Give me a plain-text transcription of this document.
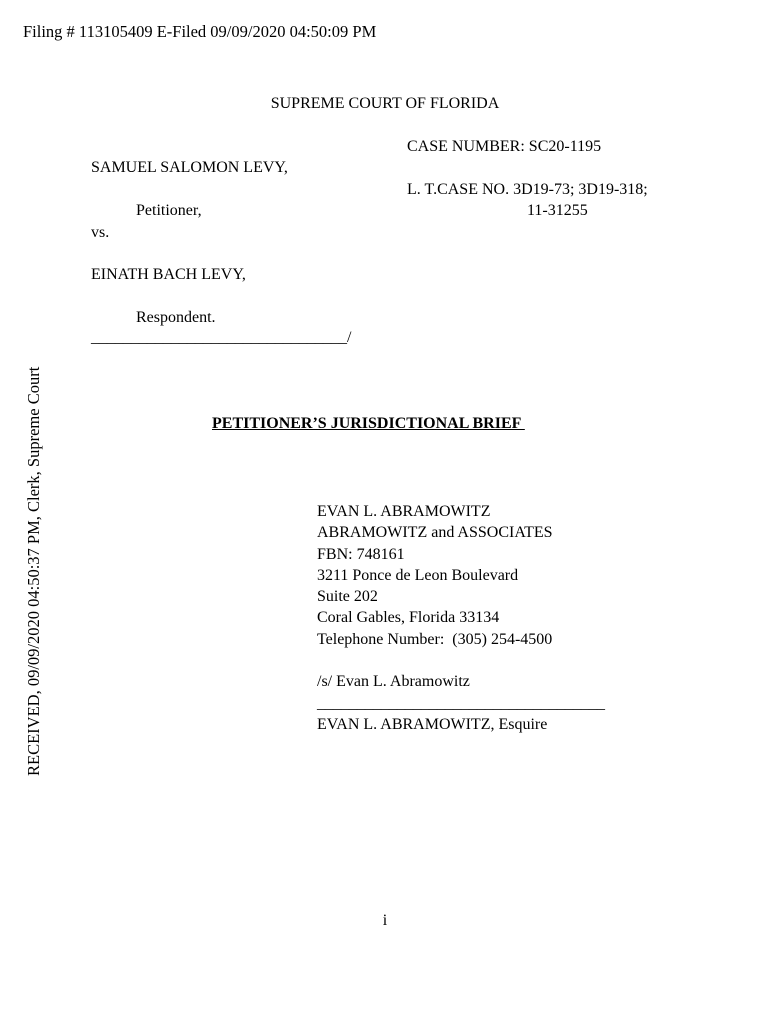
Filing # 113105409 E-Filed 09/09/2020 04:50:09 PM
RECEIVED, 09/09/2020 04:50:37 PM, Clerk, Supreme Court
SUPREME COURT OF FLORIDA
CASE NUMBER: SC20-1195
SAMUEL SALOMON LEVY,
L. T.CASE NO. 3D19-73; 3D19-318;
11-31255
Petitioner,
vs.
EINATH BACH LEVY,
Respondent.
________________________________/
PETITIONER’S JURISDICTIONAL BRIEF
EVAN L. ABRAMOWITZ
ABRAMOWITZ and ASSOCIATES
FBN: 748161
3211 Ponce de Leon Boulevard
Suite 202
Coral Gables, Florida 33134
Telephone Number:  (305) 254-4500
/s/ Evan L. Abramowitz
____________________________________
EVAN L. ABRAMOWITZ, Esquire
i
